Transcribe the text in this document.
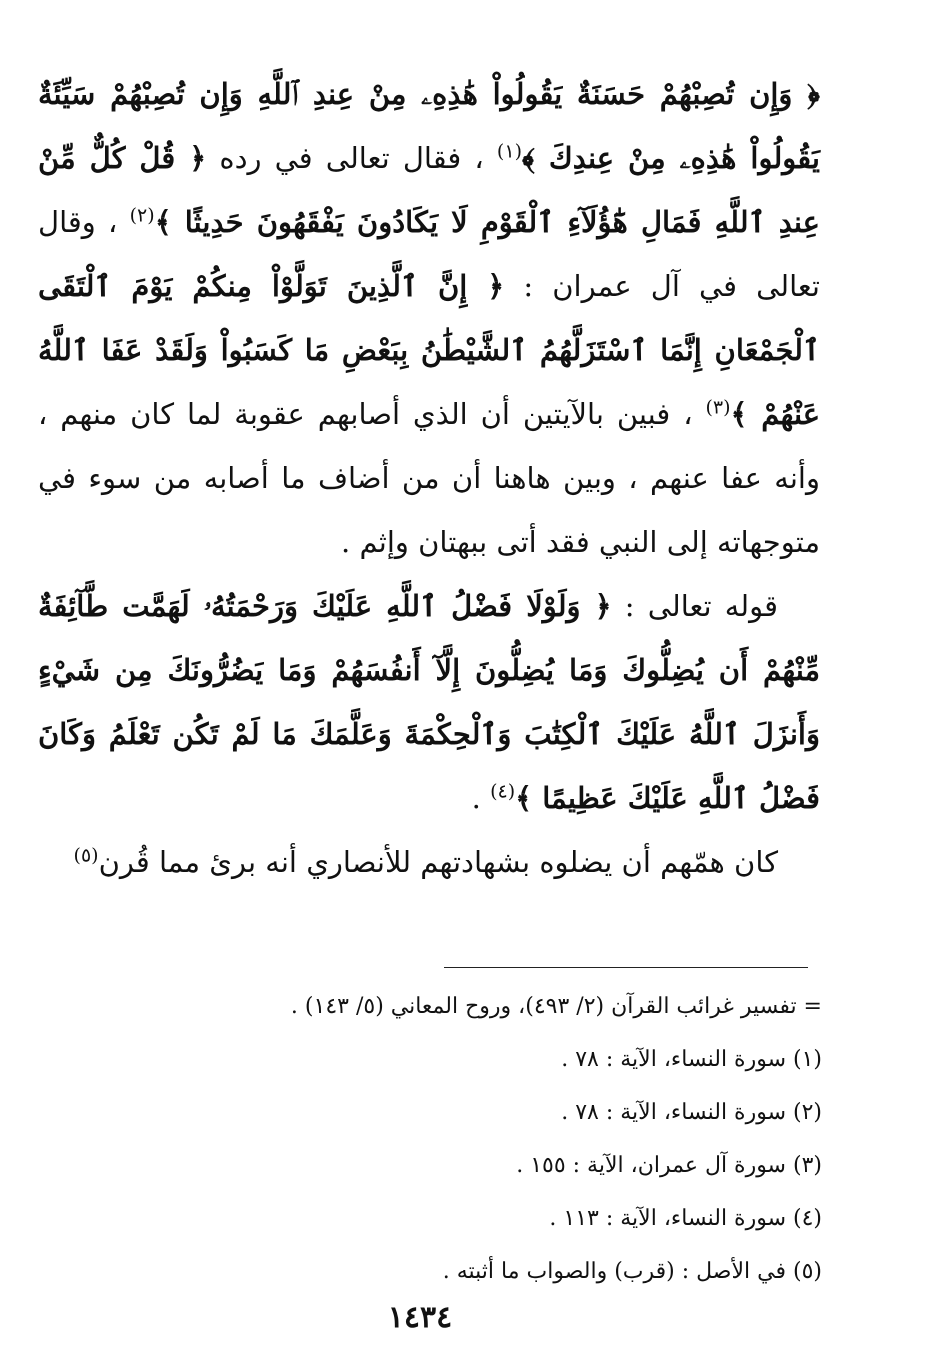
﴿ وَإِن تُصِبْهُمْ حَسَنَةٌ يَقُولُواْ هَٰذِهِۦ مِنْ عِندِ ٱللَّهِ وَإِن تُصِبْهُمْ سَيِّئَةٌ يَقُولُواْ هَٰذِهِۦ مِنْ عِندِكَ ﴾$^{(١)}$ ، فقال تعالى في رده ﴿ قُلْ كُلٌّ مِّنْ عِندِ ٱللَّهِ فَمَالِ هَٰٓؤُلَآءِ ٱلْقَوْمِ لَا يَكَادُونَ يَفْقَهُونَ حَدِيثًا ﴾$^{(٢)}$ ، وقال تعالى في آل عمران : ﴿ إِنَّ ٱلَّذِينَ تَوَلَّوْاْ مِنكُمْ يَوْمَ ٱلْتَقَى ٱلْجَمْعَانِ إِنَّمَا ٱسْتَزَلَّهُمُ ٱلشَّيْطَٰنُ بِبَعْضِ مَا كَسَبُواْ وَلَقَدْ عَفَا ٱللَّهُ عَنْهُمْ ﴾$^{(٣)}$ ، فبين بالآيتين أن الذي أصابهم عقوبة لما كان منهم ، وأنه عفا عنهم ، وبين هاهنا أن من أضاف ما أصابه من سوء في متوجهاته إلى النبي فقد أتى ببهتان وإثم .
قوله تعالى : ﴿ وَلَوْلَا فَضْلُ ٱللَّهِ عَلَيْكَ وَرَحْمَتُهُۥ لَهَمَّت طَّآئِفَةٌ مِّنْهُمْ أَن يُضِلُّوكَ وَمَا يُضِلُّونَ إِلَّآ أَنفُسَهُمْ وَمَا يَضُرُّونَكَ مِن شَيْءٍ وَأَنزَلَ ٱللَّهُ عَلَيْكَ ٱلْكِتَٰبَ وَٱلْحِكْمَةَ وَعَلَّمَكَ مَا لَمْ تَكُن تَعْلَمُ وَكَانَ فَضْلُ ٱللَّهِ عَلَيْكَ عَظِيمًا ﴾$^{(٤)}$ .
كان همّهم أن يضلوه بشهادتهم للأنصاري أنه برئ مما قُرن$^{(٥)}$
= تفسير غرائب القرآن (٢/ ٤٩٣)، وروح المعاني (٥/ ١٤٣) .
(١) سورة النساء، الآية : ٧٨ .
(٢) سورة النساء، الآية : ٧٨ .
(٣) سورة آل عمران، الآية : ١٥٥ .
(٤) سورة النساء، الآية : ١١٣ .
(٥) في الأصل : (قرب) والصواب ما أثبته .
١٤٣٤
